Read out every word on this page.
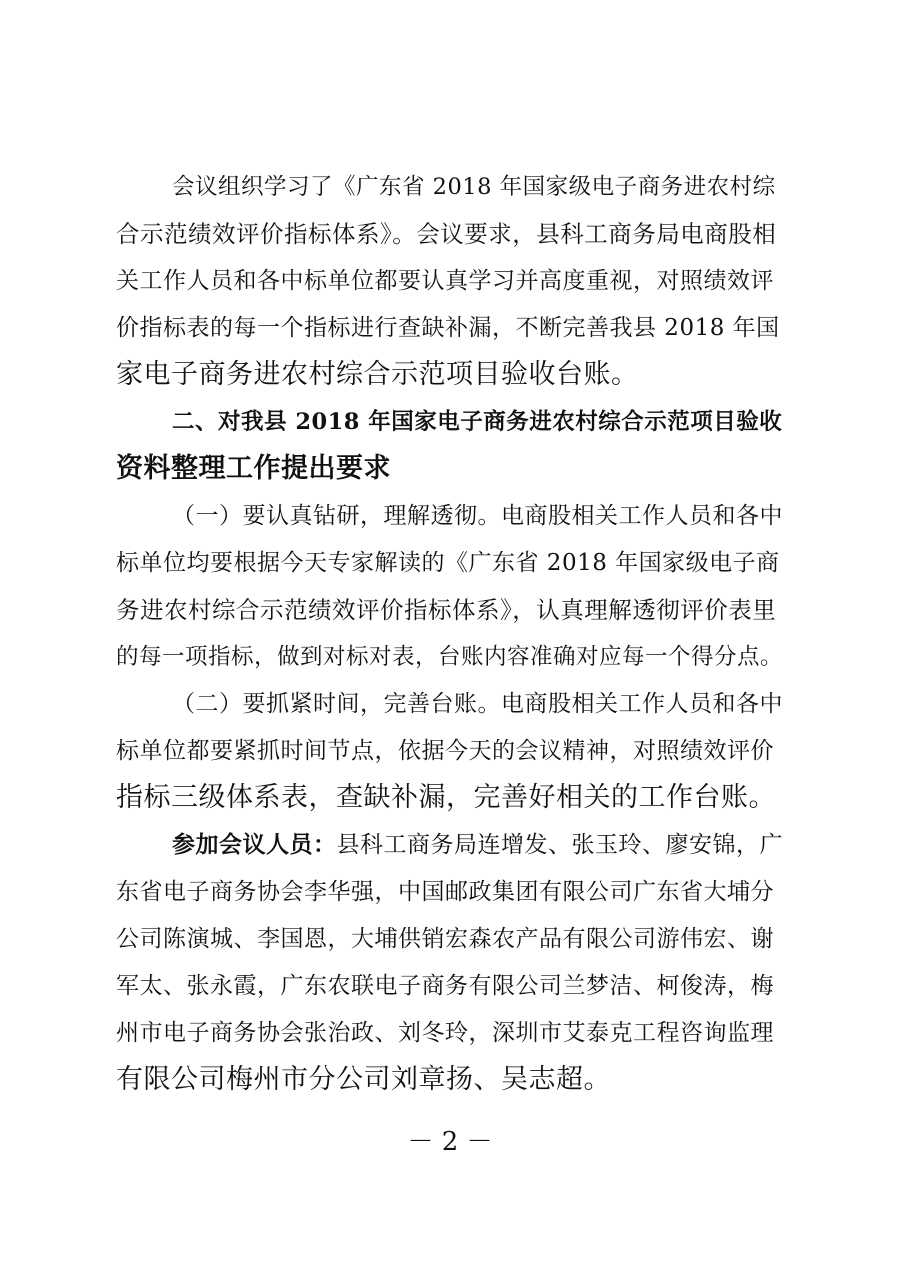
会议组织学习了《广东省 2018 年国家级电子商务进农村综
合示范绩效评价指标体系》。会议要求，县科工商务局电商股相
关工作人员和各中标单位都要认真学习并高度重视，对照绩效评
价指标表的每一个指标进行查缺补漏，不断完善我县 2018 年国
家电子商务进农村综合示范项目验收台账。
二、对我县 2018 年国家电子商务进农村综合示范项目验收
资料整理工作提出要求
（一）要认真钻研，理解透彻。电商股相关工作人员和各中
标单位均要根据今天专家解读的《广东省 2018 年国家级电子商
务进农村综合示范绩效评价指标体系》，认真理解透彻评价表里
的每一项指标，做到对标对表，台账内容准确对应每一个得分点。
（二）要抓紧时间，完善台账。电商股相关工作人员和各中
标单位都要紧抓时间节点，依据今天的会议精神，对照绩效评价
指标三级体系表，查缺补漏，完善好相关的工作台账。
参加会议人员：县科工商务局连增发、张玉玲、廖安锦，广
东省电子商务协会李华强，中国邮政集团有限公司广东省大埔分
公司陈演城、李国恩，大埔供销宏森农产品有限公司游伟宏、谢
军太、张永霞，广东农联电子商务有限公司兰梦洁、柯俊涛，梅
州市电子商务协会张治政、刘冬玲，深圳市艾泰克工程咨询监理
有限公司梅州市分公司刘章扬、吴志超。
－ 2 －
